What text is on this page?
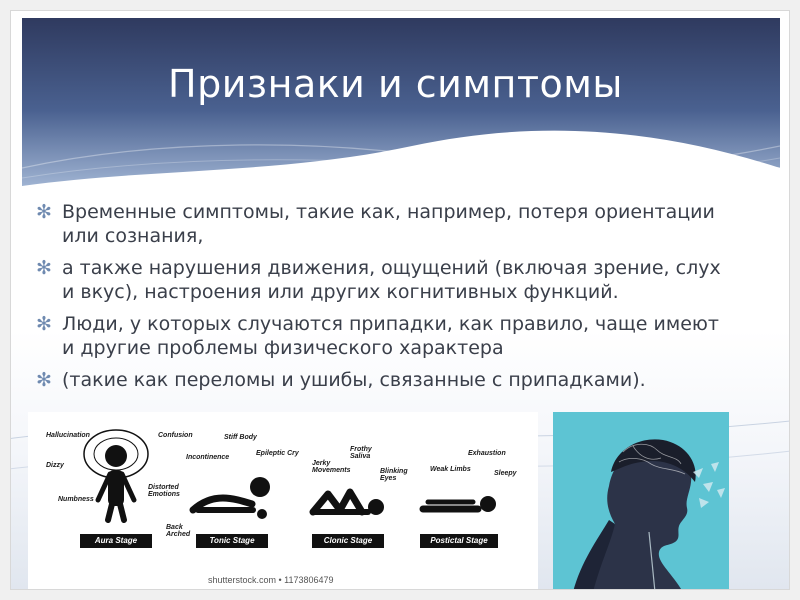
Признаки и симптомы
✻ Временные симптомы, такие как, например, потеря ориентации или сознания,
✻ а также нарушения движения, ощущений (включая зрение, слух и вкус), настроения или других когнитивных функций.
✻ Люди, у которых случаются припадки, как правило, чаще имеют и другие проблемы физического характера
✻ (такие как переломы и ушибы, связанные с припадками).
Hallucination	Confusion
Dizzy
Numbness
Distorted Emotions
Stiff Body
Incontinence
Epileptic Cry
Back Arched
Frothy Saliva
Jerky Movements	Blinking Eyes
Exhaustion
Weak Limbs
Sleepy
Aura Stage	Tonic Stage	Clonic Stage	Postictal Stage
shutterstock.com • 1173806479
